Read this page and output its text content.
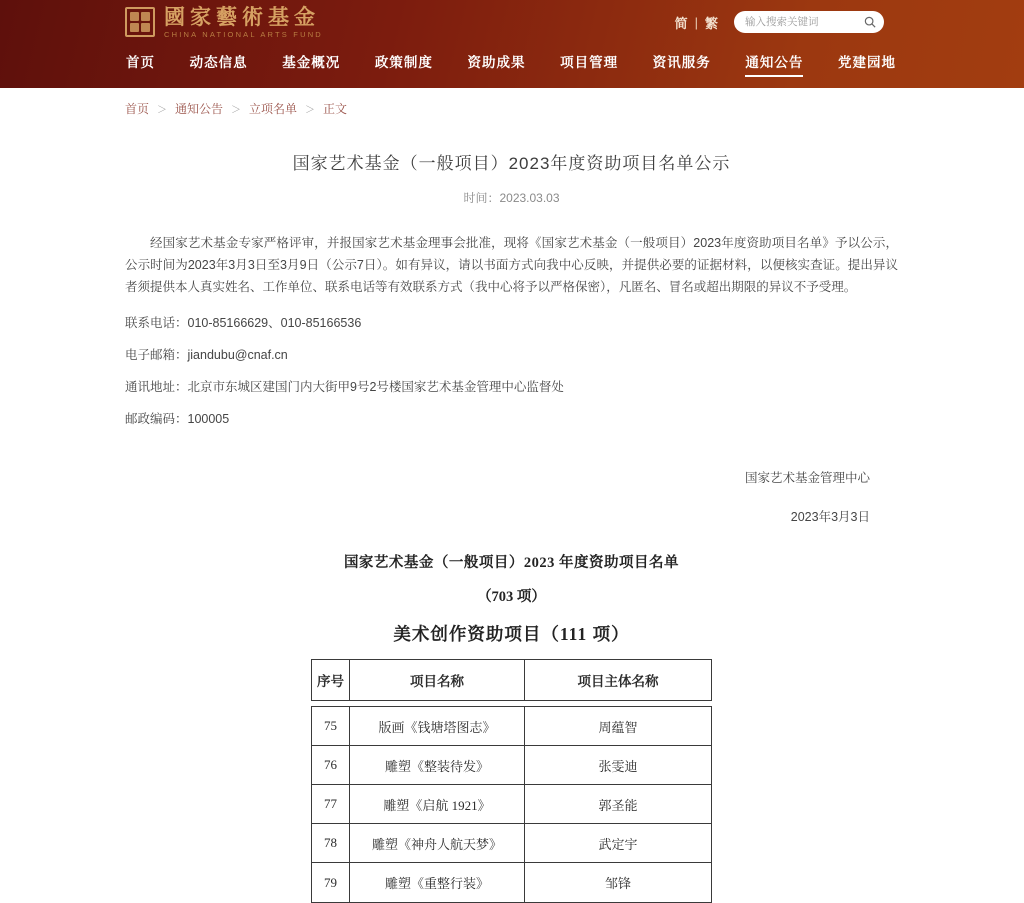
國家藝術基金
CHINA NATIONAL ARTS FUND
简 | 繁
输入搜索关键词
首页	动态信息	基金概况	政策制度	资助成果	项目管理	资讯服务	通知公告	党建园地
首页 ＞ 通知公告 ＞ 立项名单 ＞ 正文
国家艺术基金（一般项目）2023年度资助项目名单公示
时间：2023.03.03

经国家艺术基金专家严格评审，并报国家艺术基金理事会批准，现将《国家艺术基金（一般项目）2023年度资助项目名单》予以公示，公示时间为2023年3月3日至3月9日（公示7日）。如有异议，请以书面方式向我中心反映，并提供必要的证据材料，以便核实查证。提出异议者须提供本人真实姓名、工作单位、联系电话等有效联系方式（我中心将予以严格保密），凡匿名、冒名或超出期限的异议不予受理。

联系电话：010-85166629、010-85166536

电子邮箱：jiandubu@cnaf.cn

通讯地址：北京市东城区建国门内大街甲9号2号楼国家艺术基金管理中心监督处

邮政编码：100005

国家艺术基金管理中心
2023年3月3日
国家艺术基金（一般项目）2023 年度资助项目名单
（703 项）
美术创作资助项目（111 项）
序号	项目名称	项目主体名称
75	版画《钱塘塔图志》	周蕴智
76	雕塑《整装待发》	张雯迪
77	雕塑《启航 1921》	郭圣能
78	雕塑《神舟人航天梦》	武定宇
79	雕塑《重整行装》	邹锋
